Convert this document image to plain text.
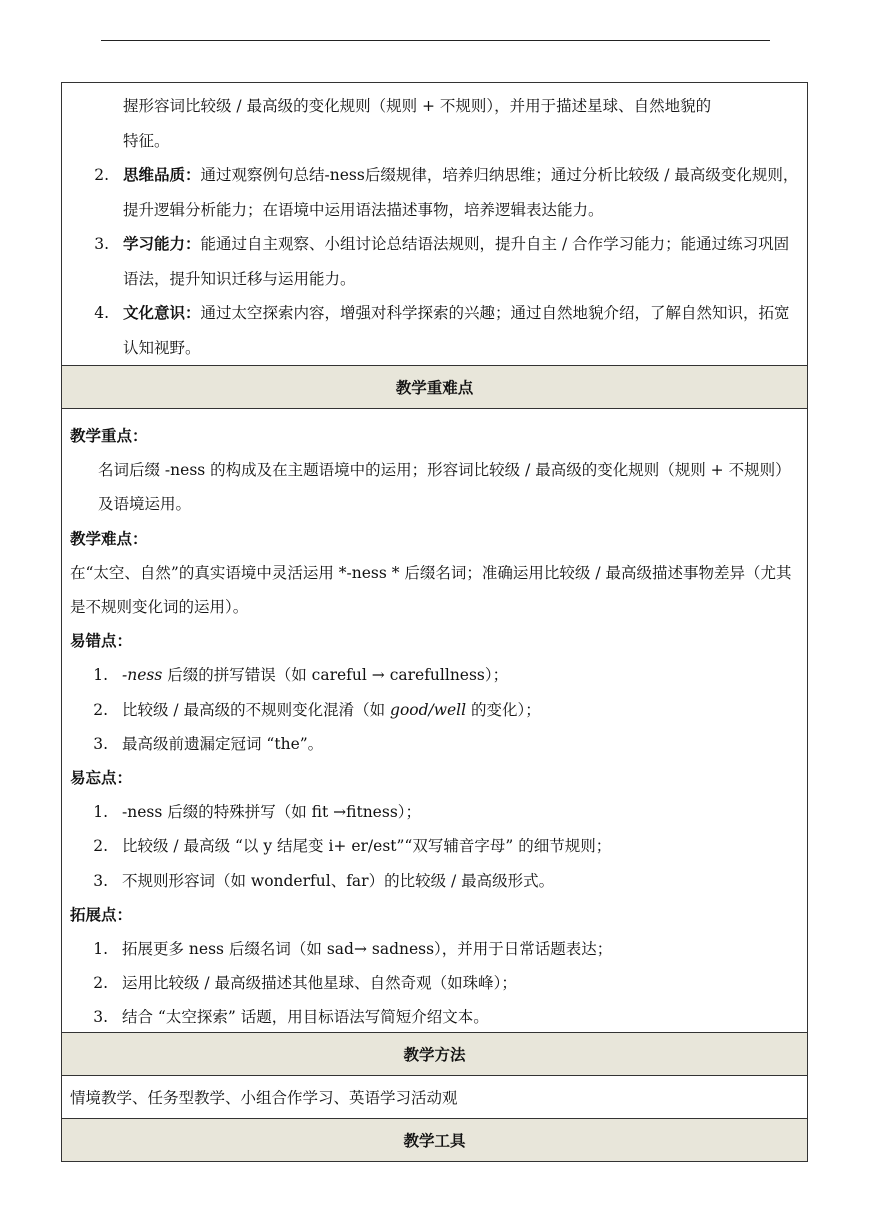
握形容词比较级 / 最高级的变化规则（规则 + 不规则），并用于描述星球、自然地貌的
特征。
2. 思维品质：通过观察例句总结-ness后缀规律，培养归纳思维；通过分析比较级 / 最高级变化规则，提升逻辑分析能力；在语境中运用语法描述事物，培养逻辑表达能力。
3. 学习能力：能通过自主观察、小组讨论总结语法规则，提升自主 / 合作学习能力；能通过练习巩固语法，提升知识迁移与运用能力。
4. 文化意识：通过太空探索内容，增强对科学探索的兴趣；通过自然地貌介绍，了解自然知识，拓宽认知视野。
教学重难点
教学重点：
名词后缀 -ness 的构成及在主题语境中的运用；形容词比较级 / 最高级的变化规则（规则 + 不规则）及语境运用。
教学难点：
在“太空、自然”的真实语境中灵活运用 *-ness * 后缀名词；准确运用比较级 / 最高级描述事物差异（尤其是不规则变化词的运用）。
易错点：
1. -ness 后缀的拼写错误（如 careful → carefullness）；
2. 比较级 / 最高级的不规则变化混淆（如 good/well 的变化）；
3. 最高级前遗漏定冠词 “the”。
易忘点：
1. -ness 后缀的特殊拼写（如 fit →fitness）；
2. 比较级 / 最高级 “以 y 结尾变 i+ er/est”“双写辅音字母” 的细节规则；
3. 不规则形容词（如 wonderful、far）的比较级 / 最高级形式。
拓展点：
1. 拓展更多 ness 后缀名词（如 sad→ sadness），并用于日常话题表达；
2. 运用比较级 / 最高级描述其他星球、自然奇观（如珠峰）；
3. 结合 “太空探索” 话题，用目标语法写简短介绍文本。
教学方法
情境教学、任务型教学、小组合作学习、英语学习活动观
教学工具
